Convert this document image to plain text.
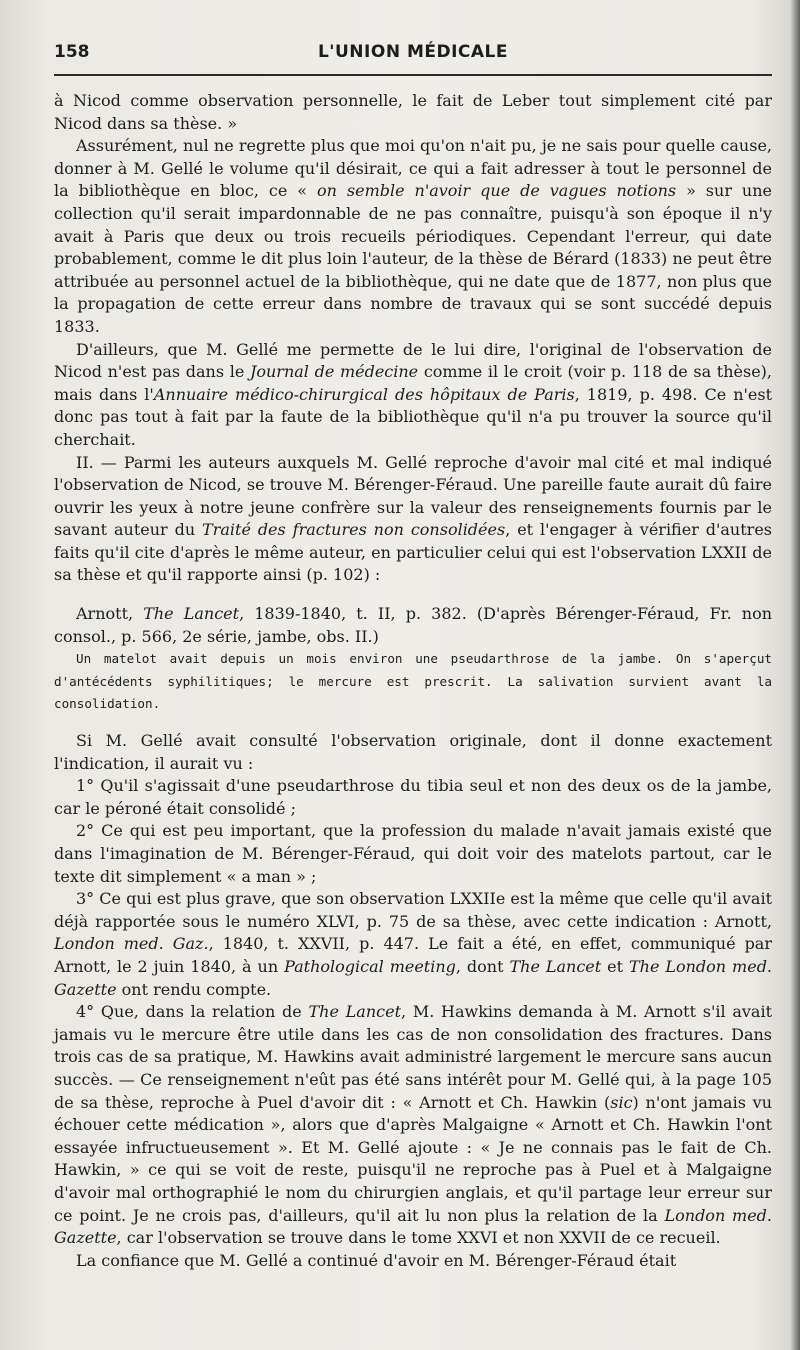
158	L'UNION MÉDICALE

à Nicod comme observation personnelle, le fait de Leber tout simplement cité par Nicod dans sa thèse. »

Assurément, nul ne regrette plus que moi qu'on n'ait pu, je ne sais pour quelle cause, donner à M. Gellé le volume qu'il désirait, ce qui a fait adresser à tout le personnel de la bibliothèque en bloc, ce « on semble n'avoir que de vagues notions » sur une collection qu'il serait impardonnable de ne pas connaître, puisqu'à son époque il n'y avait à Paris que deux ou trois recueils périodiques. Cependant l'erreur, qui date probablement, comme le dit plus loin l'auteur, de la thèse de Bérard (1833) ne peut être attribuée au personnel actuel de la bibliothèque, qui ne date que de 1877, non plus que la propagation de cette erreur dans nombre de travaux qui se sont succédé depuis 1833.

D'ailleurs, que M. Gellé me permette de le lui dire, l'original de l'observation de Nicod n'est pas dans le Journal de médecine comme il le croit (voir p. 118 de sa thèse), mais dans l'Annuaire médico-chirurgical des hôpitaux de Paris, 1819, p. 498. Ce n'est donc pas tout à fait par la faute de la bibliothèque qu'il n'a pu trouver la source qu'il cherchait.

II. — Parmi les auteurs auxquels M. Gellé reproche d'avoir mal cité et mal indiqué l'observation de Nicod, se trouve M. Bérenger-Féraud. Une pareille faute aurait dû faire ouvrir les yeux à notre jeune confrère sur la valeur des renseignements fournis par le savant auteur du Traité des fractures non consolidées, et l'engager à vérifier d'autres faits qu'il cite d'après le même auteur, en particulier celui qui est l'observation LXXII de sa thèse et qu'il rapporte ainsi (p. 102) :

Arnott, The Lancet, 1839-1840, t. II, p. 382. (D'après Bérenger-Féraud, Fr. non consol., p. 566, 2e série, jambe, obs. II.)

Un matelot avait depuis un mois environ une pseudarthrose de la jambe. On s'aperçut d'antécédents syphilitiques; le mercure est prescrit. La salivation survient avant la consolidation.

Si M. Gellé avait consulté l'observation originale, dont il donne exactement l'indication, il aurait vu :

1° Qu'il s'agissait d'une pseudarthrose du tibia seul et non des deux os de la jambe, car le péroné était consolidé ;

2° Ce qui est peu important, que la profession du malade n'avait jamais existé que dans l'imagination de M. Bérenger-Féraud, qui doit voir des matelots partout, car le texte dit simplement « a man » ;

3° Ce qui est plus grave, que son observation LXXIIe est la même que celle qu'il avait déjà rapportée sous le numéro XLVI, p. 75 de sa thèse, avec cette indication : Arnott, London med. Gaz., 1840, t. XXVII, p. 447. Le fait a été, en effet, communiqué par Arnott, le 2 juin 1840, à un Pathological meeting, dont The Lancet et The London med. Gazette ont rendu compte.

4° Que, dans la relation de The Lancet, M. Hawkins demanda à M. Arnott s'il avait jamais vu le mercure être utile dans les cas de non consolidation des fractures. Dans trois cas de sa pratique, M. Hawkins avait administré largement le mercure sans aucun succès. — Ce renseignement n'eût pas été sans intérêt pour M. Gellé qui, à la page 105 de sa thèse, reproche à Puel d'avoir dit : « Arnott et Ch. Hawkin (sic) n'ont jamais vu échouer cette médication », alors que d'après Malgaigne « Arnott et Ch. Hawkin l'ont essayée infructueusement ». Et M. Gellé ajoute : « Je ne connais pas le fait de Ch. Hawkin, » ce qui se voit de reste, puisqu'il ne reproche pas à Puel et à Malgaigne d'avoir mal orthographié le nom du chirurgien anglais, et qu'il partage leur erreur sur ce point. Je ne crois pas, d'ailleurs, qu'il ait lu non plus la relation de la London med. Gazette, car l'observation se trouve dans le tome XXVI et non XXVII de ce recueil.

La confiance que M. Gellé a continué d'avoir en M. Bérenger-Féraud était
